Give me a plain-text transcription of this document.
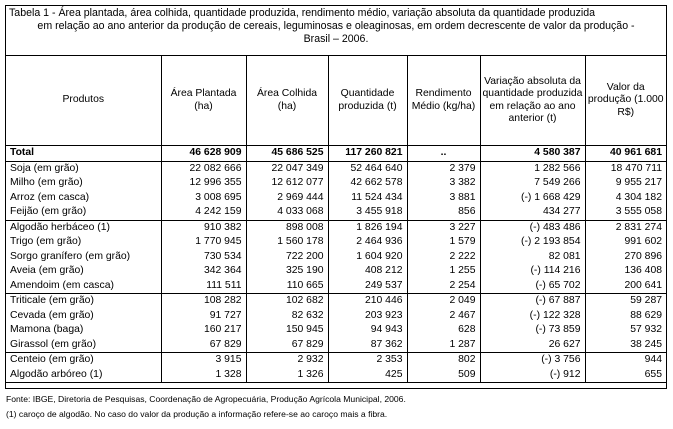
Tabela 1 - Área plantada, área colhida, quantidade produzida, rendimento médio, variação absoluta da quantidade produzida
em relação ao ano anterior da produção de cereais, leguminosas e oleaginosas, em ordem decrescente de valor da produção -
Brasil – 2006.
Produtos	Área Plantada (ha)	Área Colhida (ha)	Quantidade produzida (t)	Rendimento Médio (kg/ha)	Variação absoluta da quantidade produzida em relação ao ano anterior (t)	Valor da produção (1.000 R$)
Total	46 628 909	45 686 525	117 260 821	..	4 580 387	40 961 681
Soja (em grão)	22 082 666	22 047 349	52 464 640	2 379	1 282 566	18 470 711
Milho (em grão)	12 996 355	12 612 077	42 662 578	3 382	7 549 266	9 955 217
Arroz (em casca)	3 008 695	2 969 444	11 524 434	3 881	(-) 1 668 429	4 304 182
Feijão (em grão)	4 242 159	4 033 068	3 455 918	856	434 277	3 555 058
Algodão herbáceo (1)	910 382	898 008	1 826 194	3 227	(-) 483 486	2 831 274
Trigo (em grão)	1 770 945	1 560 178	2 464 936	1 579	(-) 2 193 854	991 602
Sorgo granífero (em grão)	730 534	722 200	1 604 920	2 222	82 081	270 896
Aveia (em grão)	342 364	325 190	408 212	1 255	(-) 114 216	136 408
Amendoim (em casca)	111 511	110 665	249 537	2 254	(-) 65 702	200 641
Triticale (em grão)	108 282	102 682	210 446	2 049	(-) 67 887	59 287
Cevada (em grão)	91 727	82 632	203 923	2 467	(-) 122 328	88 629
Mamona (baga)	160 217	150 945	94 943	628	(-) 73 859	57 932
Girassol (em grão)	67 829	67 829	87 362	1 287	26 627	38 245
Centeio (em grão)	3 915	2 932	2 353	802	(-) 3 756	944
Algodão arbóreo (1)	1 328	1 326	425	509	(-) 912	655
Fonte: IBGE, Diretoria de Pesquisas, Coordenação de Agropecuária, Produção Agrícola Municipal, 2006.
(1) caroço de algodão. No caso do valor da produção a informação refere-se ao caroço mais a fibra.
